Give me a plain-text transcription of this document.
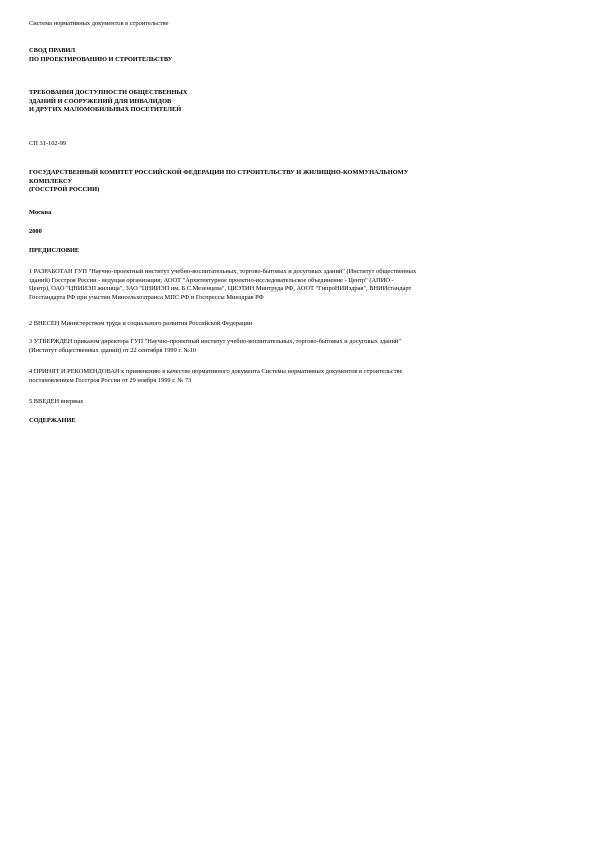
Система нормативных документов в строительстве

СВОД ПРАВИЛ
ПО ПРОЕКТИРОВАНИЮ И СТРОИТЕЛЬСТВУ

ТРЕБОВАНИЯ ДОСТУПНОСТИ ОБЩЕСТВЕННЫХ
ЗДАНИЙ И СООРУЖЕНИЙ ДЛЯ ИНВАЛИДОВ
И ДРУГИХ МАЛОМОБИЛЬНЫХ ПОСЕТИТЕЛЕЙ

СП 31-102-99

ГОСУДАРСТВЕННЫЙ КОМИТЕТ РОССИЙСКОЙ ФЕДЕРАЦИИ ПО СТРОИТЕЛЬСТВУ И ЖИЛИЩНО-КОММУНАЛЬНОМУ
КОМПЛЕКСУ
(ГОССТРОЙ РОССИИ)

Москва

2000

ПРЕДИСЛОВИЕ

1 РАЗРАБОТАН ГУП "Научно-проектный институт учебно-воспитательных, торгово-бытовых и досуговых зданий" (Институт общественных
зданий) Госстроя России - ведущая организация; АООТ "Архитектурное проектно-исследовательское объединение - Центр" (АПИО -
Центр), ОАО "ЦНИИЭП жилища", ЗАО "ЦНИИЭП им. Б.С.Мезенцева", ЦИЭТИН Минтруда РФ, АООТ "ГипроНИИздрав", ВНИИстандарт
Госстандарта РФ при участии Минсельхозтранса МПС РФ и Госпрессы Минздрав РФ

2 ВНЕСЕН Министерством труда и социального развития Российской Федерации

3 УТВЕРЖДЕН приказом директора ГУП "Научно-проектный институт учебно-воспитательных, торгово-бытовых и досуговых зданий"
(Институт общественных зданий) от 22 сентября 1999 г. №10

4 ПРИНЯТ И РЕКОМЕНДОВАН к применению в качестве нормативного документа Системы нормативных документов в строительстве
постановлением Госстроя России от 29 ноября 1999 г. № 73

5 ВВЕДЕН впервые

СОДЕРЖАНИЕ
